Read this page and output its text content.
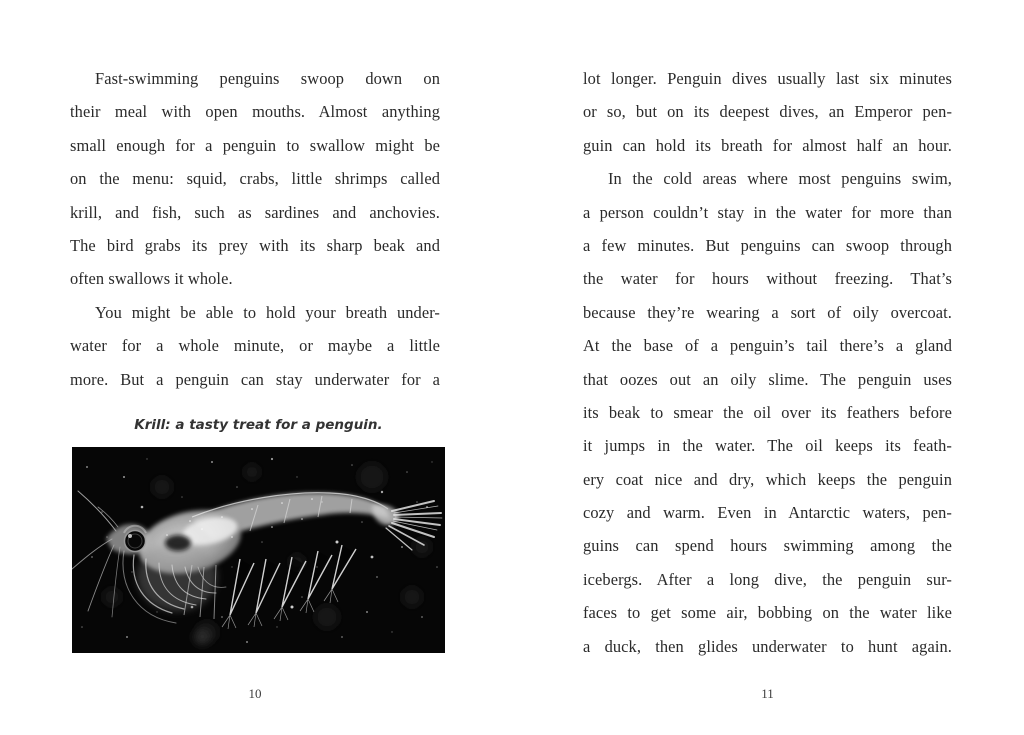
Fast-swimming penguins swoop down on
their meal with open mouths. Almost anything
small enough for a penguin to swallow might be
on the menu: squid, crabs, little shrimps called
krill, and fish, such as sardines and anchovies.
The bird grabs its prey with its sharp beak and
often swallows it whole.
You might be able to hold your breath under-
water for a whole minute, or maybe a little
more. But a penguin can stay underwater for a
Krill: a tasty treat for a penguin.
10
lot longer. Penguin dives usually last six minutes
or so, but on its deepest dives, an Emperor pen-
guin can hold its breath for almost half an hour.
In the cold areas where most penguins swim,
a person couldn’t stay in the water for more than
a few minutes. But penguins can swoop through
the water for hours without freezing. That’s
because they’re wearing a sort of oily overcoat.
At the base of a penguin’s tail there’s a gland
that oozes out an oily slime. The penguin uses
its beak to smear the oil over its feathers before
it jumps in the water. The oil keeps its feath-
ery coat nice and dry, which keeps the penguin
cozy and warm. Even in Antarctic waters, pen-
guins can spend hours swimming among the
icebergs. After a long dive, the penguin sur-
faces to get some air, bobbing on the water like
a duck, then glides underwater to hunt again.
11
